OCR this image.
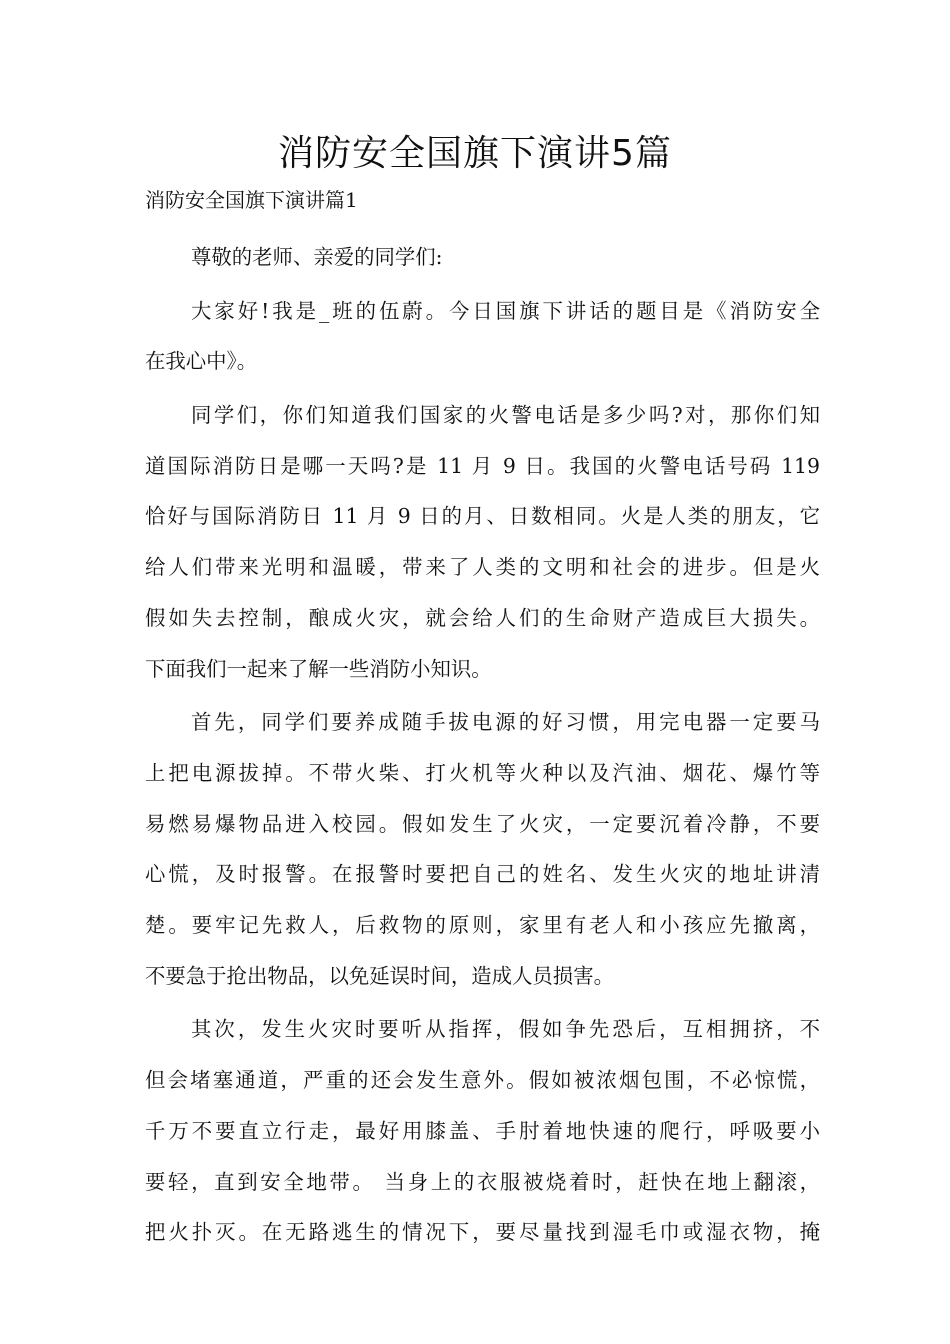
消防安全国旗下演讲5篇
消防安全国旗下演讲篇1

尊敬的老师、亲爱的同学们:

大家好!我是_班的伍蔚。今日国旗下讲话的题目是《消防安全
在我心中》。

同学们，你们知道我们国家的火警电话是多少吗?对，那你们知
道国际消防日是哪一天吗?是 11 月 9 日。我国的火警电话号码 119
恰好与国际消防日 11 月 9 日的月、日数相同。火是人类的朋友，它
给人们带来光明和温暖，带来了人类的文明和社会的进步。但是火
假如失去控制，酿成火灾，就会给人们的生命财产造成巨大损失。
下面我们一起来了解一些消防小知识。

首先，同学们要养成随手拔电源的好习惯，用完电器一定要马
上把电源拔掉。不带火柴、打火机等火种以及汽油、烟花、爆竹等
易燃易爆物品进入校园。假如发生了火灾，一定要沉着冷静，不要
心慌，及时报警。在报警时要把自己的姓名、发生火灾的地址讲清
楚。要牢记先救人，后救物的原则，家里有老人和小孩应先撤离，
不要急于抢出物品，以免延误时间，造成人员损害。

其次，发生火灾时要听从指挥，假如争先恐后，互相拥挤，不
但会堵塞通道，严重的还会发生意外。假如被浓烟包围，不必惊慌，
千万不要直立行走，最好用膝盖、手肘着地快速的爬行，呼吸要小
要轻，直到安全地带。 当身上的衣服被烧着时，赶快在地上翻滚，
把火扑灭。在无路逃生的情况下，要尽量找到湿毛巾或湿衣物，掩
